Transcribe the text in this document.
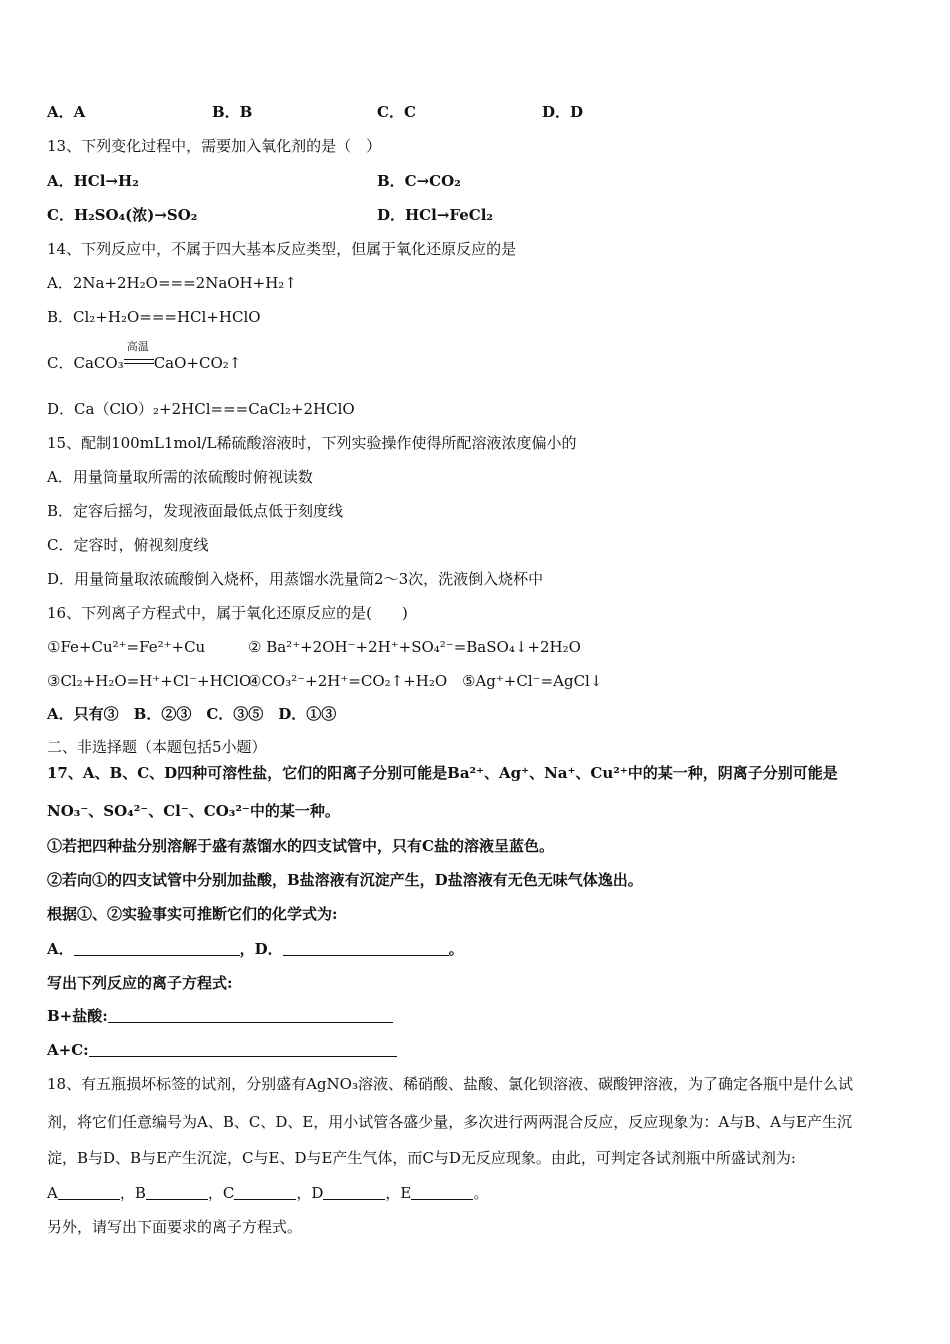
A．A	B．B	C．C	D．D
13、下列变化过程中，需要加入氧化剂的是（　）
A．HCl→H₂	B．C→CO₂
C．H₂SO₄(浓)→SO₂	D．HCl→FeCl₂
14、下列反应中，不属于四大基本反应类型，但属于氧化还原反应的是
A．2Na+2H₂O===2NaOH+H₂↑
B．Cl₂+H₂O===HCl+HClO
C．CaCO₃
高温
CaO+CO₂↑
D．Ca（ClO）₂+2HCl===CaCl₂+2HClO
15、配制100mL1mol/L稀硫酸溶液时，下列实验操作使得所配溶液浓度偏小的
A．用量筒量取所需的浓硫酸时俯视读数
B．定容后摇匀，发现液面最低点低于刻度线
C．定容时，俯视刻度线
D．用量筒量取浓硫酸倒入烧杯，用蒸馏水洗量筒2～3次，洗液倒入烧杯中
16、下列离子方程式中，属于氧化还原反应的是(　　)
①Fe+Cu²⁺=Fe²⁺+Cu	② Ba²⁺+2OH⁻+2H⁺+SO₄²⁻=BaSO₄↓+2H₂O
③Cl₂+H₂O=H⁺+Cl⁻+HClO
④CO₃²⁻+2H⁺=CO₂↑+H₂O ⑤Ag⁺+Cl⁻=AgCl↓
A．只有③　B．②③　C．③⑤　D．①③
二、非选择题（本题包括5小题）
17、A、B、C、D四种可溶性盐，它们的阳离子分别可能是Ba²⁺、Ag⁺、Na⁺、Cu²⁺中的某一种，阴离子分别可能是
NO₃⁻、SO₄²⁻、Cl⁻、CO₃²⁻中的某一种。
①若把四种盐分别溶解于盛有蒸馏水的四支试管中，只有C盐的溶液呈蓝色。
②若向①的四支试管中分别加盐酸，B盐溶液有沉淀产生，D盐溶液有无色无味气体逸出。
根据①、②实验事实可推断它们的化学式为:
A．	，D．	。
写出下列反应的离子方程式:
B+盐酸:
A+C:
18、有五瓶损坏标签的试剂，分别盛有AgNO₃溶液、稀硝酸、盐酸、氯化钡溶液、碳酸钾溶液，为了确定各瓶中是什么试
剂，将它们任意编号为A、B、C、D、E，用小试管各盛少量，多次进行两两混合反应，反应现象为：A与B、A与E产生沉
淀，B与D、B与E产生沉淀，C与E、D与E产生气体，而C与D无反应现象。由此，可判定各试剂瓶中所盛试剂为:
A	，B	，C	，D	，E	。
另外，请写出下面要求的离子方程式。
